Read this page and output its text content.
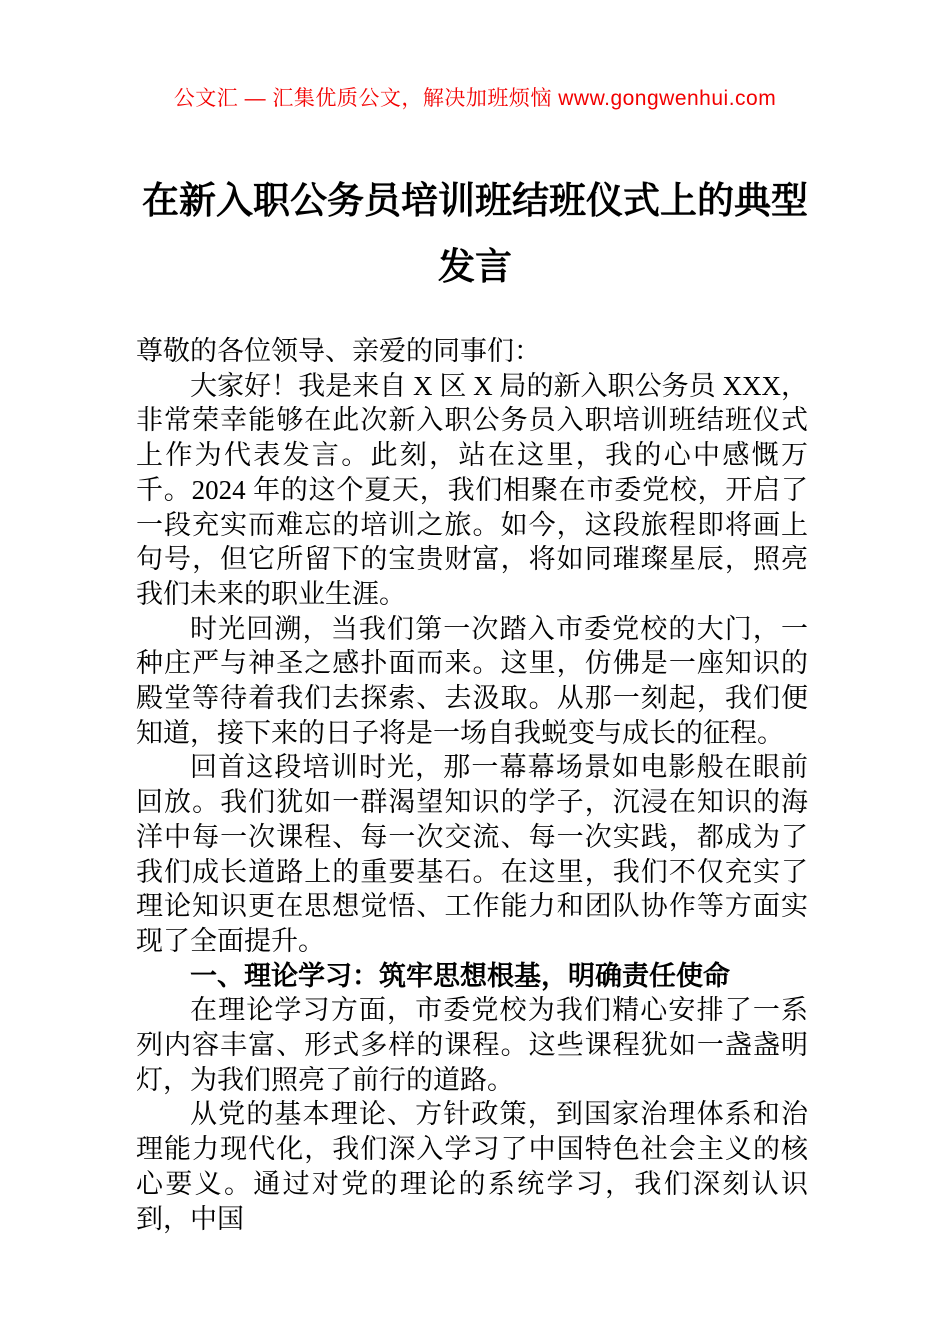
公文汇 — 汇集优质公文，解决加班烦恼 www.gongwenhui.com
在新入职公务员培训班结班仪式上的典型
发言

尊敬的各位领导、亲爱的同事们：

大家好！我是来自 X 区 X 局的新入职公务员 XXX，非常荣幸能够在此次新入职公务员入职培训班结班仪式上作为代表发言。此刻，站在这里，我的心中感慨万千。2024 年的这个夏天，我们相聚在市委党校，开启了一段充实而难忘的培训之旅。如今，这段旅程即将画上句号，但它所留下的宝贵财富，将如同璀璨星辰，照亮我们未来的职业生涯。

时光回溯，当我们第一次踏入市委党校的大门，一种庄严与神圣之感扑面而来。这里，仿佛是一座知识的殿堂等待着我们去探索、去汲取。从那一刻起，我们便知道，接下来的日子将是一场自我蜕变与成长的征程。

回首这段培训时光，那一幕幕场景如电影般在眼前回放。我们犹如一群渴望知识的学子，沉浸在知识的海洋中每一次课程、每一次交流、每一次实践，都成为了我们成长道路上的重要基石。在这里，我们不仅充实了理论知识更在思想觉悟、工作能力和团队协作等方面实现了全面提升。

一、理论学习：筑牢思想根基，明确责任使命

在理论学习方面，市委党校为我们精心安排了一系列内容丰富、形式多样的课程。这些课程犹如一盏盏明灯，为我们照亮了前行的道路。

从党的基本理论、方针政策，到国家治理体系和治理能力现代化，我们深入学习了中国特色社会主义的核心要义。通过对党的理论的系统学习，我们深刻认识到，中国
